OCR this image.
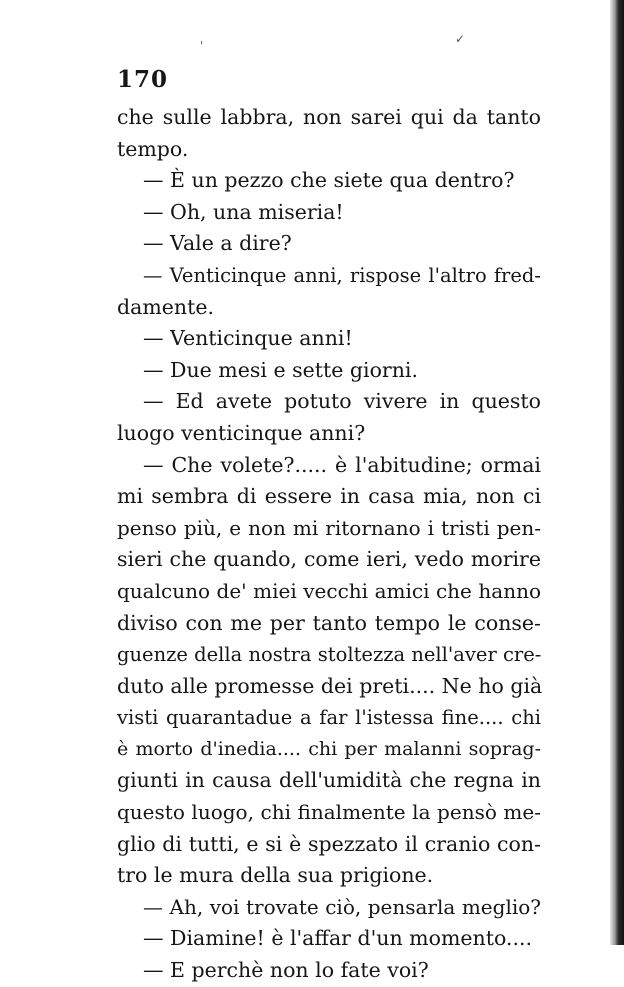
✓
'
170
che sulle labbra, non sarei qui da tanto
tempo.
— È un pezzo che siete qua dentro?
— Oh, una miseria!
— Vale a dire?
— Venticinque anni, rispose l'altro fred-
damente.
— Venticinque anni!
— Due mesi e sette giorni.
— Ed avete potuto vivere in questo
luogo venticinque anni?
— Che volete?..... è l'abitudine; ormai
mi sembra di essere in casa mia, non ci
penso più, e non mi ritornano i tristi pen-
sieri che quando, come ieri, vedo morire
qualcuno de' miei vecchi amici che hanno
diviso con me per tanto tempo le conse-
guenze della nostra stoltezza nell'aver cre-
duto alle promesse dei preti.... Ne ho già
visti quarantadue a far l'istessa fine.... chi
è morto d'inedia.... chi per malanni soprag-
giunti in causa dell'umidità che regna in
questo luogo, chi finalmente la pensò me-
glio di tutti, e si è spezzato il cranio con-
tro le mura della sua prigione.
— Ah, voi trovate ciò, pensarla meglio?
— Diamine! è l'affar d'un momento....
— E perchè non lo fate voi?
